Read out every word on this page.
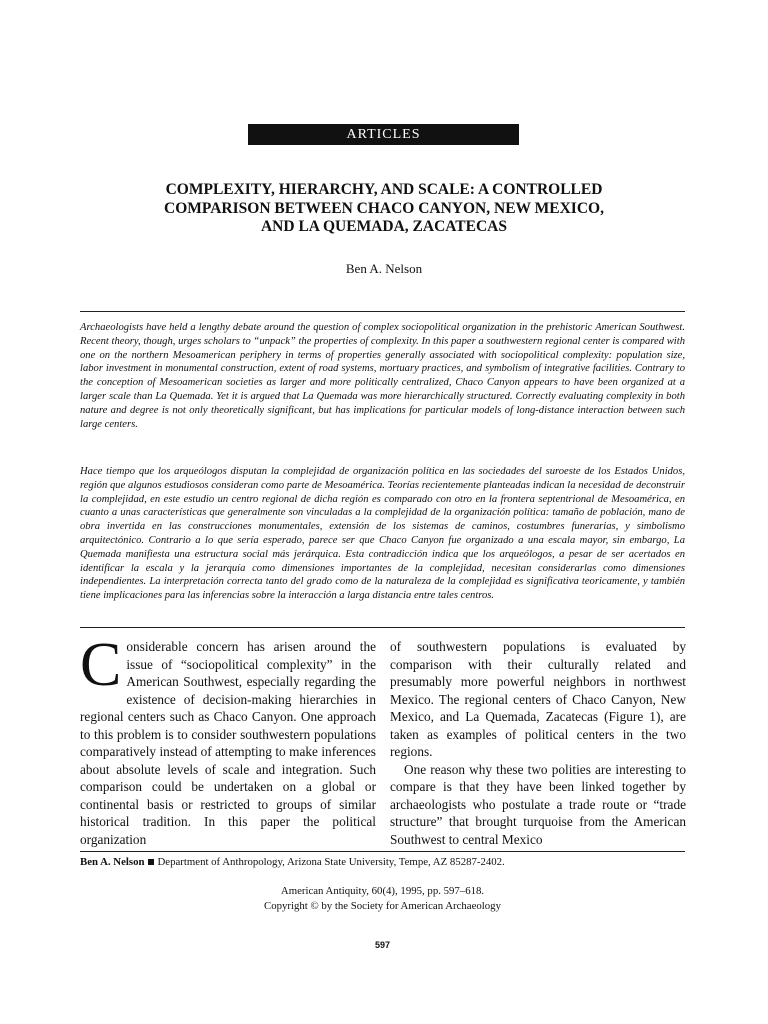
ARTICLES
COMPLEXITY, HIERARCHY, AND SCALE: A CONTROLLED
COMPARISON BETWEEN CHACO CANYON, NEW MEXICO,
AND LA QUEMADA, ZACATECAS
Ben A. Nelson

Archaeologists have held a lengthy debate around the question of complex sociopolitical organization in the prehistoric American Southwest. Recent theory, though, urges scholars to “unpack” the properties of complexity. In this paper a southwestern regional center is compared with one on the northern Mesoamerican periphery in terms of properties generally associated with sociopolitical complexity: population size, labor investment in monumental construction, extent of road systems, mortuary practices, and symbolism of integrative facilities. Contrary to the conception of Mesoamerican societies as larger and more politically centralized, Chaco Canyon appears to have been organized at a larger scale than La Quemada. Yet it is argued that La Quemada was more hierarchically structured. Correctly evaluating complexity in both nature and degree is not only theoretically significant, but has implications for particular models of long-distance interaction between such large centers.

Hace tiempo que los arqueólogos disputan la complejidad de organización política en las sociedades del suroeste de los Estados Unidos, región que algunos estudiosos consideran como parte de Mesoamérica. Teorías recientemente planteadas indican la necesidad de deconstruir la complejidad, en este estudio un centro regional de dicha región es comparado con otro en la frontera septentrional de Mesoamérica, en cuanto a unas características que generalmente son vinculadas a la complejidad de la organización política: tamaño de población, mano de obra invertida en las construcciones monumentales, extensión de los sistemas de caminos, costumbres funerarias, y simbolismo arquitectónico. Contrario a lo que sería esperado, parece ser que Chaco Canyon fue organizado a una escala mayor, sin embargo, La Quemada manifiesta una estructura social más jerárquica. Esta contradicción indica que los arqueólogos, a pesar de ser acertados en identificar la escala y la jerarquía como dimensiones importantes de la complejidad, necesitan considerarlas como dimensiones independientes. La interpretación correcta tanto del grado como de la naturaleza de la complejidad es significativa teoricamente, y también tiene implicaciones para las inferencias sobre la interacción a larga distancia entre tales centros.

Considerable concern has arisen around the issue of “sociopolitical complexity” in the American Southwest, especially regarding the existence of decision-making hierarchies in regional centers such as Chaco Canyon. One approach to this problem is to consider southwestern populations comparatively instead of attempting to make inferences about absolute levels of scale and integration. Such comparison could be undertaken on a global or continental basis or restricted to groups of similar historical tradition. In this paper the political organization

of southwestern populations is evaluated by comparison with their culturally related and presumably more powerful neighbors in northwest Mexico. The regional centers of Chaco Canyon, New Mexico, and La Quemada, Zacatecas (Figure 1), are taken as examples of political centers in the two regions.

One reason why these two polities are interesting to compare is that they have been linked together by archaeologists who postulate a trade route or “trade structure” that brought turquoise from the American Southwest to central Mexico

Ben A. Nelson Department of Anthropology, Arizona State University, Tempe, AZ 85287-2402.
American Antiquity, 60(4), 1995, pp. 597–618.
Copyright © by the Society for American Archaeology
597
